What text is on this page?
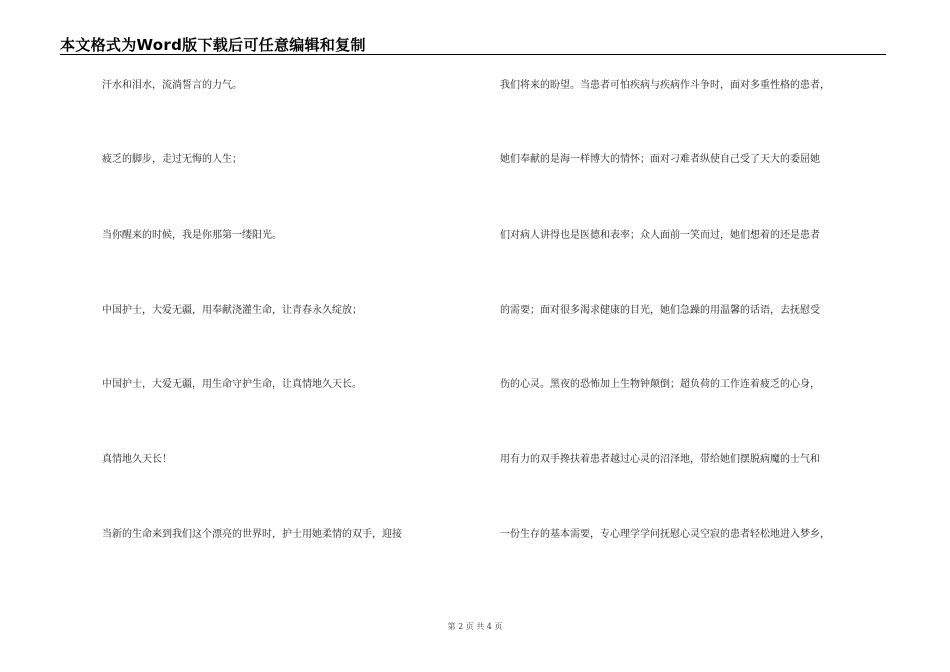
本文格式为Word版下载后可任意编辑和复制
汗水和泪水，流淌誓言的力气。
疲乏的脚步，走过无悔的人生；
当你醒来的时候，我是你那第一缕阳光。
中国护士，大爱无疆，用奉献浇灌生命，让青春永久绽放；
中国护士，大爱无疆，用生命守护生命，让真情地久天长。
真情地久天长！
当新的生命来到我们这个漂亮的世界时，护士用她柔情的双手，迎接
我们将来的盼望。当患者可怕疾病与疾病作斗争时，面对多重性格的患者，
她们奉献的是海一样博大的情怀；面对刁难者纵使自己受了天大的委屈她
们对病人讲得也是医德和表率；众人面前一笑而过，她们想着的还是患者
的需要；面对很多渴求健康的目光，她们急躁的用温馨的话语，去抚慰受
伤的心灵。黑夜的恐怖加上生物钟颠倒；超负荷的工作连着疲乏的心身，
用有力的双手搀扶着患者越过心灵的沼泽地，带给她们摆脱病魔的士气和
一份生存的基本需要，专心理学学问抚慰心灵空寂的患者轻松地进入梦乡，
第 2 页 共 4 页
